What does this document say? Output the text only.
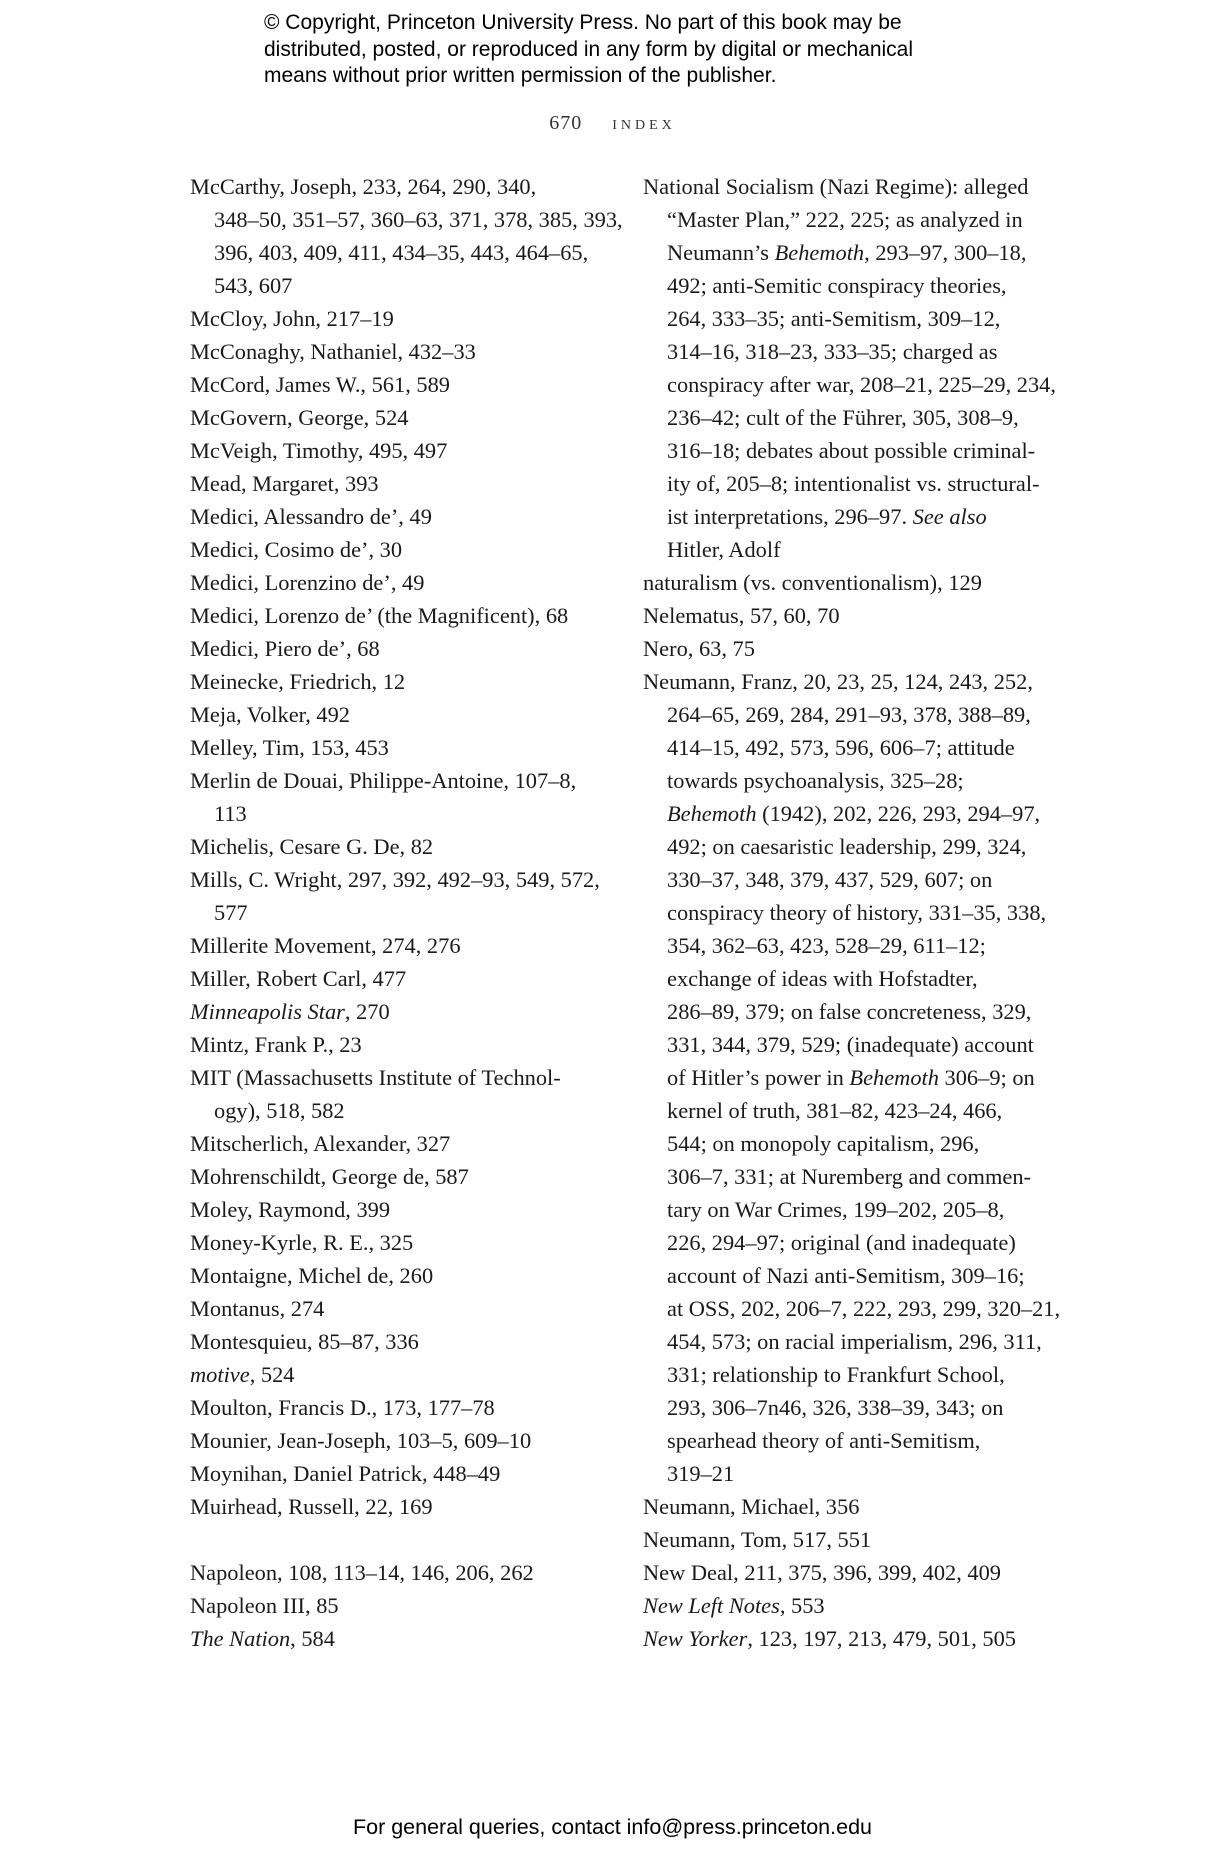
© Copyright, Princeton University Press. No part of this book may be
distributed, posted, or reproduced in any form by digital or mechanical
means without prior written permission of the publisher.
670 index
McCarthy, Joseph, 233, 264, 290, 340,
348–50, 351–57, 360–63, 371, 378, 385, 393,
396, 403, 409, 411, 434–35, 443, 464–65,
543, 607
McCloy, John, 217–19
McConaghy, Nathaniel, 432–33
McCord, James W., 561, 589
McGovern, George, 524
McVeigh, Timothy, 495, 497
Mead, Margaret, 393
Medici, Alessandro de’, 49
Medici, Cosimo de’, 30
Medici, Lorenzino de’, 49
Medici, Lorenzo de’ (the Magnificent), 68
Medici, Piero de’, 68
Meinecke, Friedrich, 12
Meja, Volker, 492
Melley, Tim, 153, 453
Merlin de Douai, Philippe-Antoine, 107–8,
113
Michelis, Cesare G. De, 82
Mills, C. Wright, 297, 392, 492–93, 549, 572,
577
Millerite Movement, 274, 276
Miller, Robert Carl, 477
Minneapolis Star, 270
Mintz, Frank P., 23
MIT (Massachusetts Institute of Technol-
ogy), 518, 582
Mitscherlich, Alexander, 327
Mohrenschildt, George de, 587
Moley, Raymond, 399
Money-Kyrle, R. E., 325
Montaigne, Michel de, 260
Montanus, 274
Montesquieu, 85–87, 336
motive, 524
Moulton, Francis D., 173, 177–78
Mounier, Jean-Joseph, 103–5, 609–10
Moynihan, Daniel Patrick, 448–49
Muirhead, Russell, 22, 169
Napoleon, 108, 113–14, 146, 206, 262
Napoleon III, 85
The Nation, 584
National Socialism (Nazi Regime): alleged
“Master Plan,” 222, 225; as analyzed in
Neumann’s Behemoth, 293–97, 300–18,
492; anti-Semitic conspiracy theories,
264, 333–35; anti-Semitism, 309–12,
314–16, 318–23, 333–35; charged as
conspiracy after war, 208–21, 225–29, 234,
236–42; cult of the Führer, 305, 308–9,
316–18; debates about possible criminal-
ity of, 205–8; intentionalist vs. structural-
ist interpretations, 296–97. See also
Hitler, Adolf
naturalism (vs. conventionalism), 129
Nelematus, 57, 60, 70
Nero, 63, 75
Neumann, Franz, 20, 23, 25, 124, 243, 252,
264–65, 269, 284, 291–93, 378, 388–89,
414–15, 492, 573, 596, 606–7; attitude
towards psychoanalysis, 325–28;
Behemoth (1942), 202, 226, 293, 294–97,
492; on caesaristic leadership, 299, 324,
330–37, 348, 379, 437, 529, 607; on
conspiracy theory of history, 331–35, 338,
354, 362–63, 423, 528–29, 611–12;
exchange of ideas with Hofstadter,
286–89, 379; on false concreteness, 329,
331, 344, 379, 529; (inadequate) account
of Hitler’s power in Behemoth 306–9; on
kernel of truth, 381–82, 423–24, 466,
544; on monopoly capitalism, 296,
306–7, 331; at Nuremberg and commen-
tary on War Crimes, 199–202, 205–8,
226, 294–97; original (and inadequate)
account of Nazi anti-Semitism, 309–16;
at OSS, 202, 206–7, 222, 293, 299, 320–21,
454, 573; on racial imperialism, 296, 311,
331; relationship to Frankfurt School,
293, 306–7n46, 326, 338–39, 343; on
spearhead theory of anti-Semitism,
319–21
Neumann, Michael, 356
Neumann, Tom, 517, 551
New Deal, 211, 375, 396, 399, 402, 409
New Left Notes, 553
New Yorker, 123, 197, 213, 479, 501, 505
For general queries, contact info@press.princeton.edu
